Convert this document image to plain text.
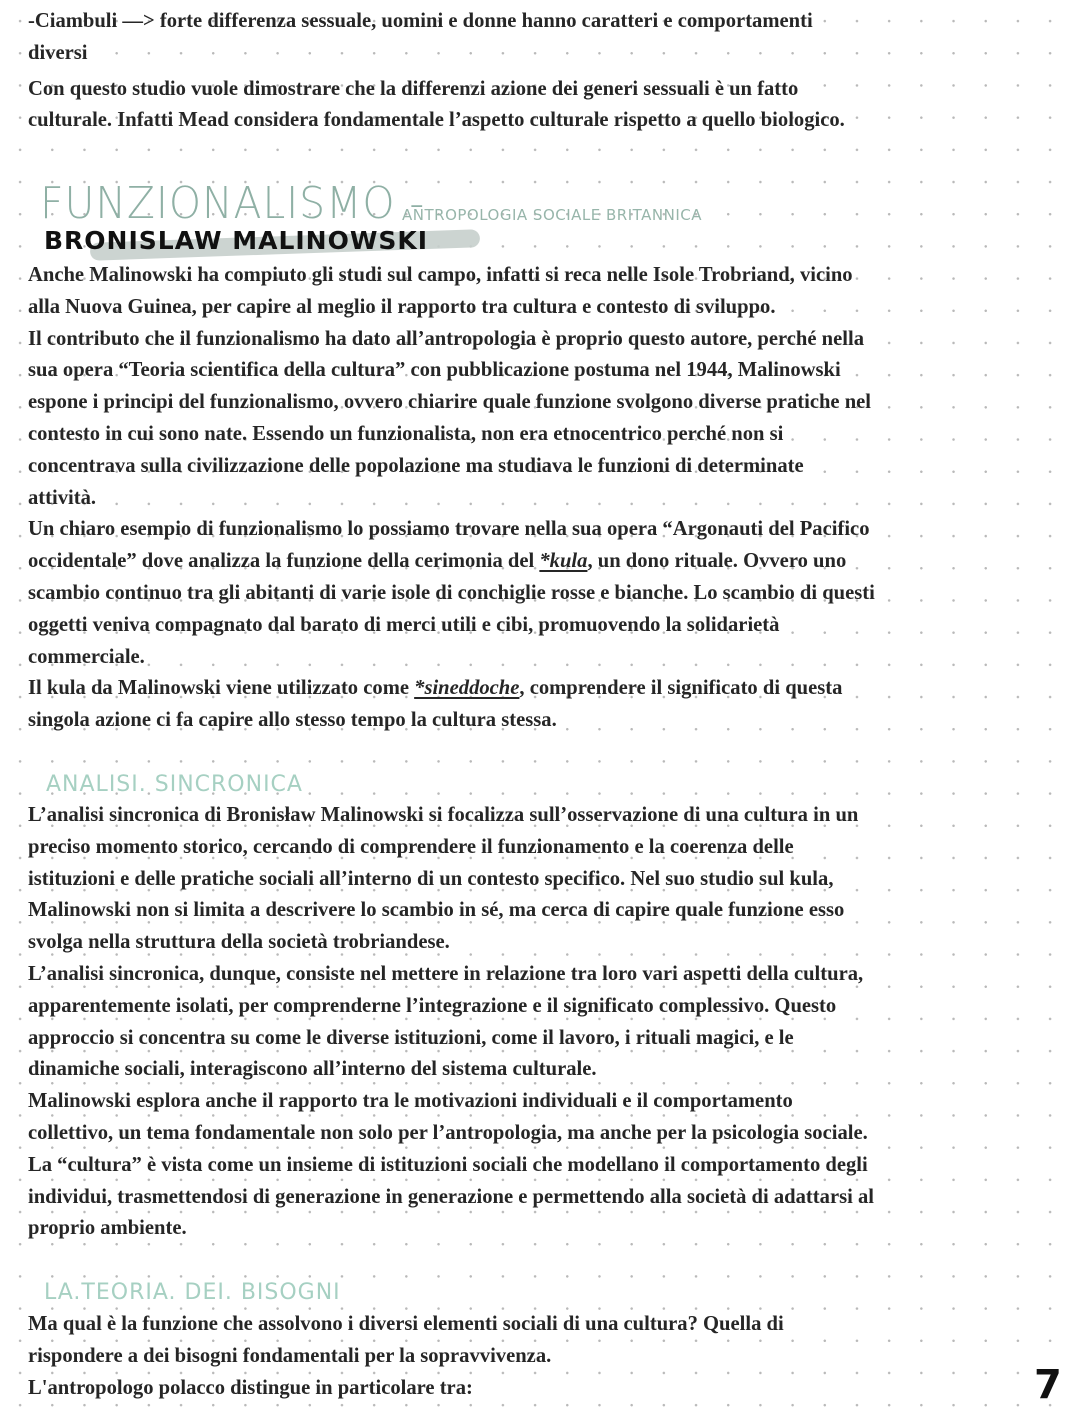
-Ciambuli —> forte differenza sessuale, uomini e donne hanno caratteri e comportamenti
diversi
Con questo studio vuole dimostrare che la differenzi azione dei generi sessuali è un fatto
culturale. Infatti Mead considera fondamentale l’aspetto culturale rispetto a quello biologico.
FUNZIONALISMO -
ANTROPOLOGIA SOCIALE BRITANNICA
BRONISLAW MALINOWSKI
Anche Malinowski ha compiuto gli studi sul campo, infatti si reca nelle Isole Trobriand, vicino
alla Nuova Guinea, per capire al meglio il rapporto tra cultura e contesto di sviluppo.
Il contributo che il funzionalismo ha dato all’antropologia è proprio questo autore, perché nella
sua opera “Teoria scientifica della cultura” con pubblicazione postuma nel 1944, Malinowski
espone i principi del funzionalismo, ovvero chiarire quale funzione svolgono diverse pratiche nel
contesto in cui sono nate. Essendo un funzionalista, non era etnocentrico perché non si
concentrava sulla civilizzazione delle popolazione ma studiava le funzioni di determinate
attività.
Un chiaro esempio di funzionalismo lo possiamo trovare nella sua opera “Argonauti del Pacifico
occidentale” dove analizza la funzione della cerimonia del *kula, un dono rituale. Ovvero uno
scambio continuo tra gli abitanti di varie isole di conchiglie rosse e bianche. Lo scambio di questi
oggetti veniva compagnato dal barato di merci utili e cibi, promuovendo la solidarietà
commerciale.
Il kula da Malinowski viene utilizzato come *sineddoche, comprendere il significato di questa
singola azione ci fa capire allo stesso tempo la cultura stessa.
ANALISI. SINCRONICA
L’analisi sincronica di Bronisław Malinowski si focalizza sull’osservazione di una cultura in un
preciso momento storico, cercando di comprendere il funzionamento e la coerenza delle
istituzioni e delle pratiche sociali all’interno di un contesto specifico. Nel suo studio sul kula,
Malinowski non si limita a descrivere lo scambio in sé, ma cerca di capire quale funzione esso
svolga nella struttura della società trobriandese.
L’analisi sincronica, dunque, consiste nel mettere in relazione tra loro vari aspetti della cultura,
apparentemente isolati, per comprenderne l’integrazione e il significato complessivo. Questo
approccio si concentra su come le diverse istituzioni, come il lavoro, i rituali magici, e le
dinamiche sociali, interagiscono all’interno del sistema culturale.
Malinowski esplora anche il rapporto tra le motivazioni individuali e il comportamento
collettivo, un tema fondamentale non solo per l’antropologia, ma anche per la psicologia sociale.
La “cultura” è vista come un insieme di istituzioni sociali che modellano il comportamento degli
individui, trasmettendosi di generazione in generazione e permettendo alla società di adattarsi al
proprio ambiente.
LA.TEORIA. DEI. BISOGNI
Ma qual è la funzione che assolvono i diversi elementi sociali di una cultura? Quella di
rispondere a dei bisogni fondamentali per la sopravvivenza.
L'antropologo polacco distingue in particolare tra:	7
